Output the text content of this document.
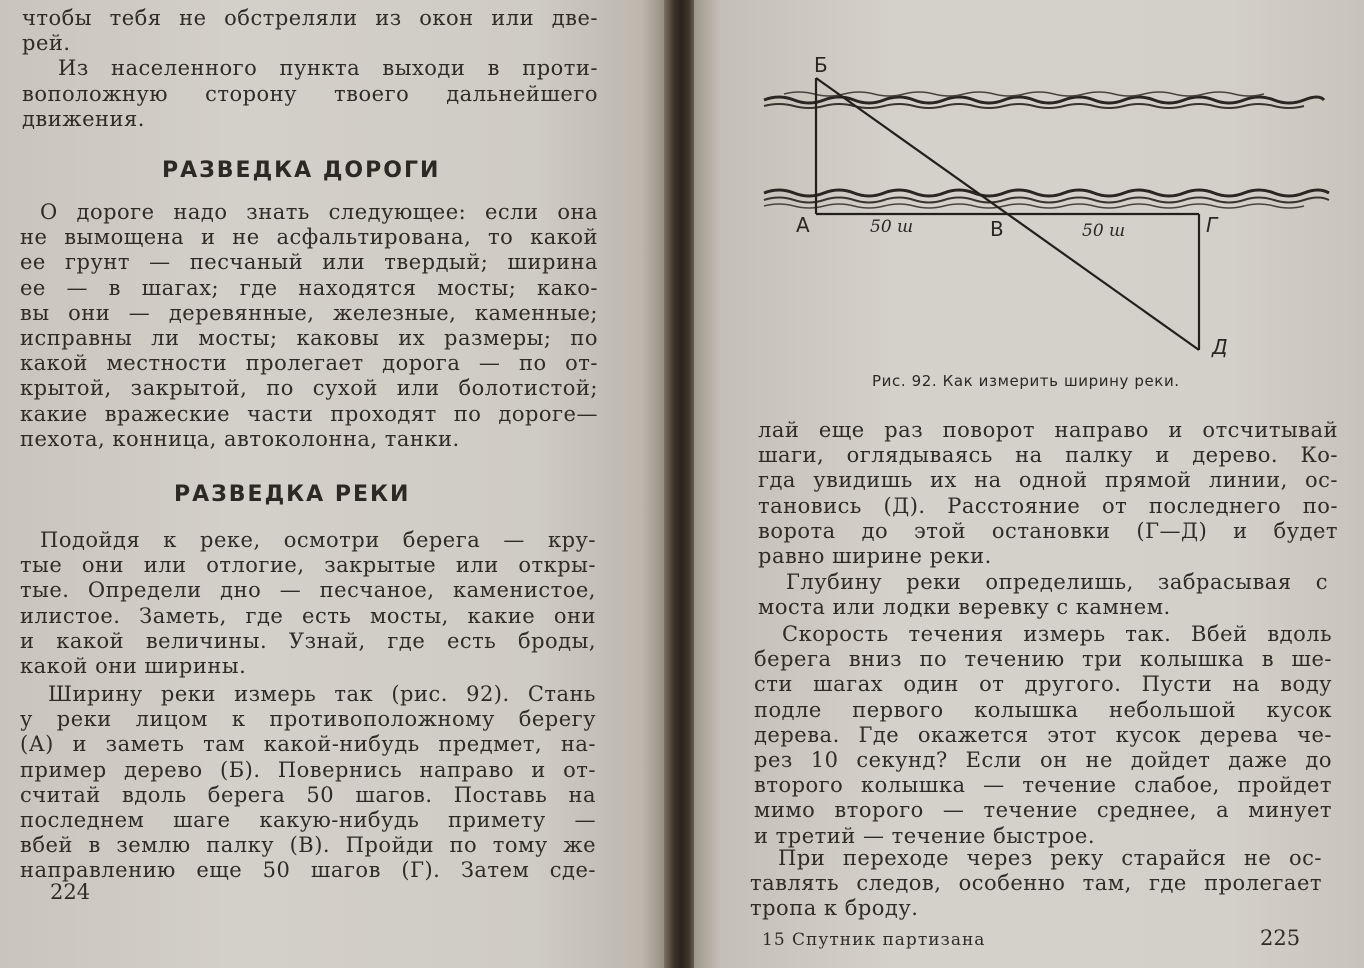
чтобы тебя не обстреляли из окон или две-
рей.
Из населенного пункта выходи в проти-
воположную сторону твоего дальнейшего
движения.
РАЗВЕДКА ДОРОГИ
О дороге надо знать следующее: если она
не вымощена и не асфальтирована, то какой
ее грунт — песчаный или твердый; ширина
ее — в шагах; где находятся мосты; како-
вы они — деревянные, железные, каменные;
исправны ли мосты; каковы их размеры; по
какой местности пролегает дорога — по от-
крытой, закрытой, по сухой или болотистой;
какие вражеские части проходят по дороге—
пехота, конница, автоколонна, танки.
РАЗВЕДКА РЕКИ
Подойдя к реке, осмотри берега — кру-
тые они или отлогие, закрытые или откры-
тые. Определи дно — песчаное, каменистое,
илистое. Заметь, где есть мосты, какие они
и какой величины. Узнай, где есть броды,
какой они ширины.
Ширину реки измерь так (рис. 92). Стань
у реки лицом к противоположному берегу
(А) и заметь там какой-нибудь предмет, на-
пример дерево (Б). Повернись направо и от-
считай вдоль берега 50 шагов. Поставь на
последнем шаге какую-нибудь примету —
вбей в землю палку (В). Пройди по тому же
направлению еще 50 шагов (Г). Затем сде-
224
Б
А	В	Г
Д
50 ш	50 ш
Рис. 92. Как измерить ширину реки.
лай еще раз поворот направо и отсчитывай
шаги, оглядываясь на палку и дерево. Ко-
гда увидишь их на одной прямой линии, ос-
тановись (Д). Расстояние от последнего по-
ворота до этой остановки (Г—Д) и будет
равно ширине реки.
Глубину реки определишь, забрасывая с
моста или лодки веревку с камнем.
Скорость течения измерь так. Вбей вдоль
берега вниз по течению три колышка в ше-
сти шагах один от другого. Пусти на воду
подле первого колышка небольшой кусок
дерева. Где окажется этот кусок дерева че-
рез 10 секунд? Если он не дойдет даже до
второго колышка — течение слабое, пройдет
мимо второго — течение среднее, а минует
и третий — течение быстрое.
При переходе через реку старайся не ос-
тавлять следов, особенно там, где пролегает
тропа к броду.
15 Спутник партизана	225
